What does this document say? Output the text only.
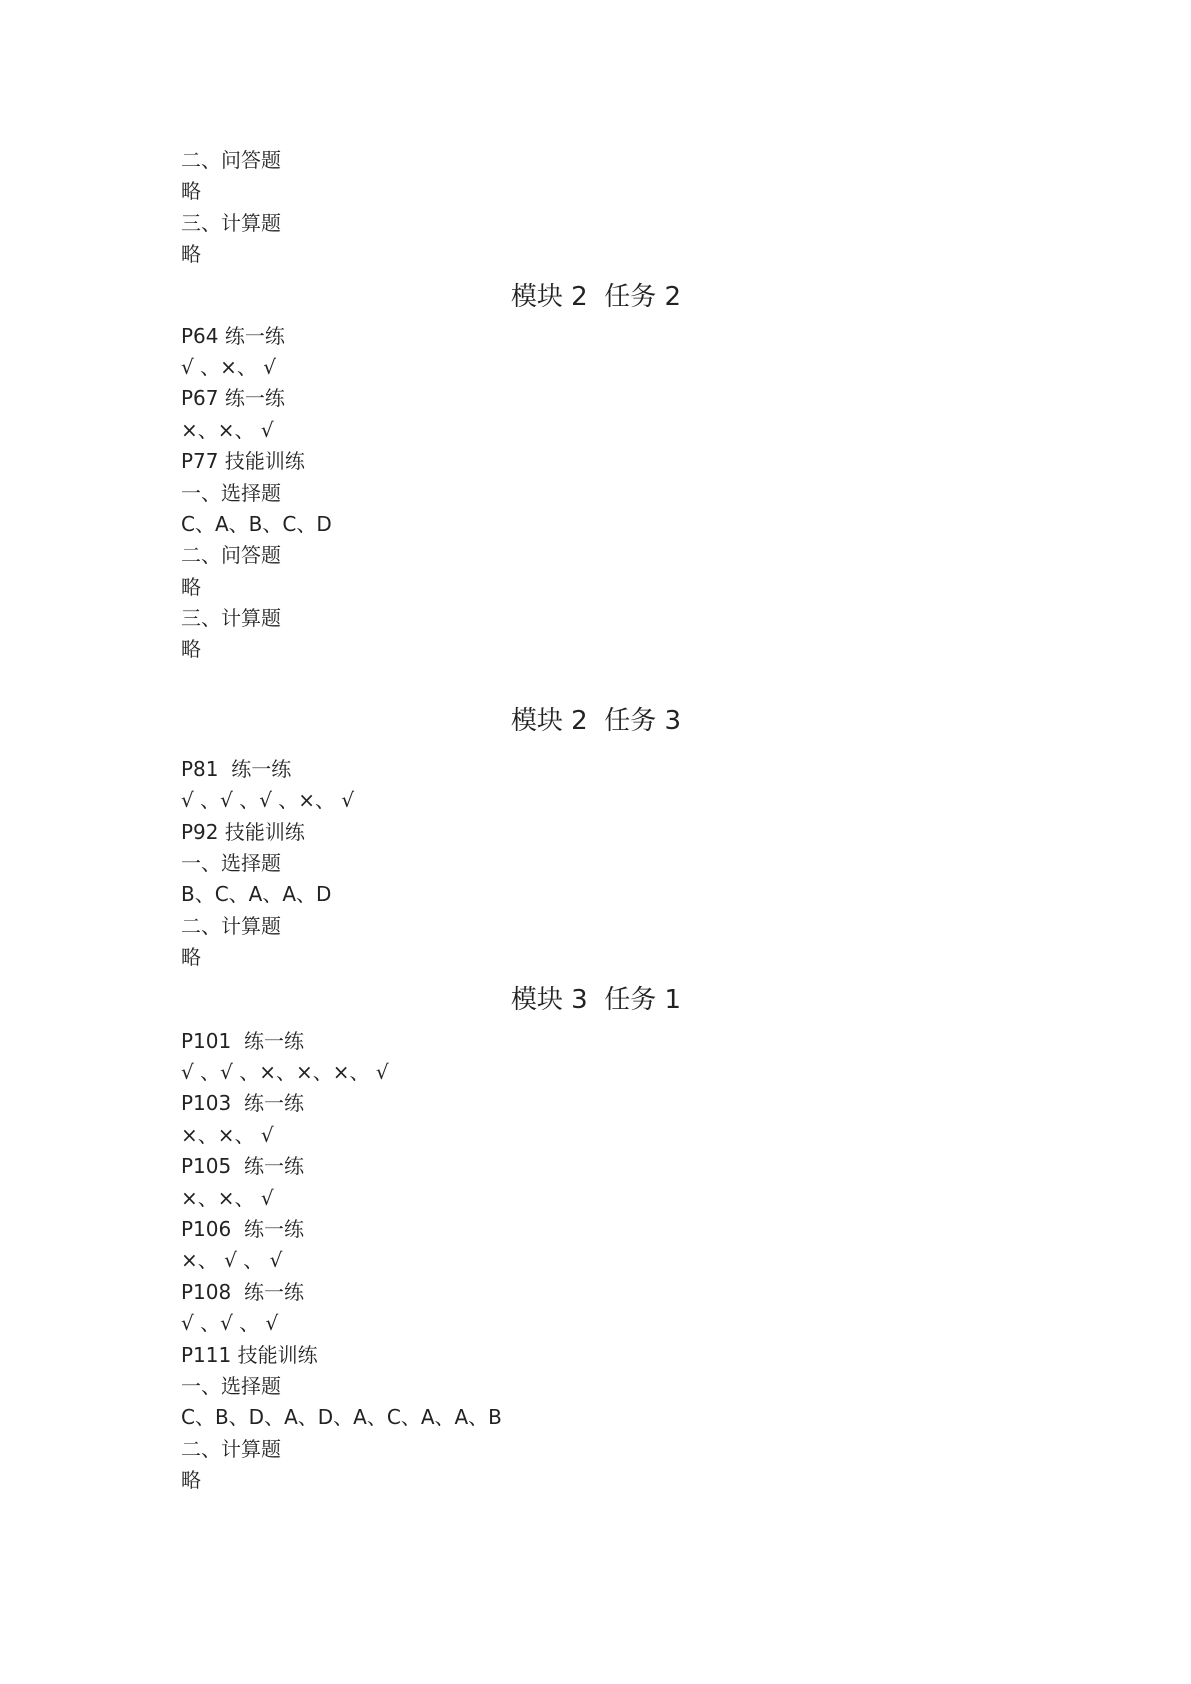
二、问答题
略
三、计算题
略
模块 2  任务 2
P64 练一练
√ 、×、 √
P67 练一练
×、×、 √
P77 技能训练
一、选择题
C、A、B、C、D
二、问答题
略
三、计算题
略
模块 2  任务 3
P81  练一练
√ 、√ 、√ 、×、 √
P92 技能训练
一、选择题
B、C、A、A、D
二、计算题
略
模块 3  任务 1
P101  练一练
√ 、√ 、×、×、×、 √
P103  练一练
×、×、 √
P105  练一练
×、×、 √
P106  练一练
×、 √ 、 √
P108  练一练
√ 、√ 、 √
P111 技能训练
一、选择题
C、B、D、A、D、A、C、A、A、B
二、计算题
略
